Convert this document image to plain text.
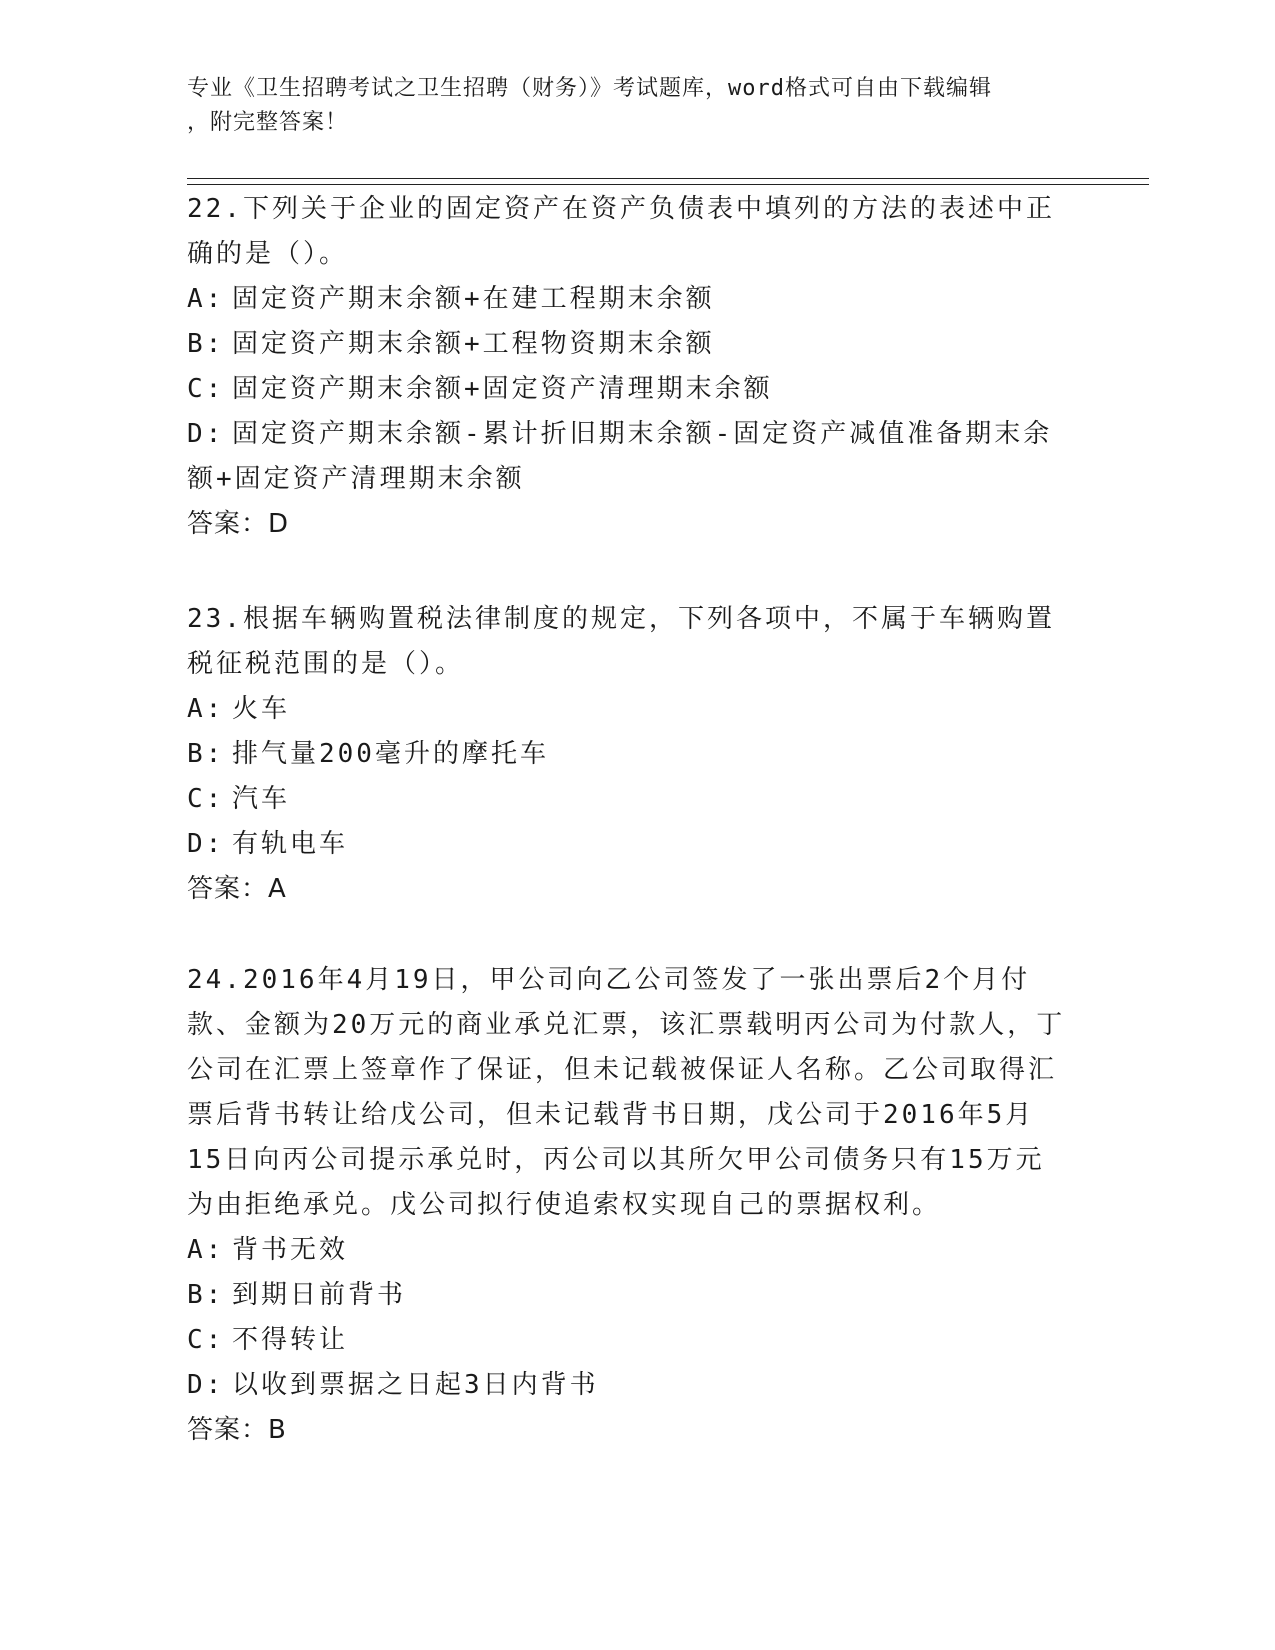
专业《卫生招聘考试之卫生招聘（财务）》考试题库，word格式可自由下载编辑
，附完整答案！

22.下列关于企业的固定资产在资产负债表中填列的方法的表述中正确的是（）。

A: 固定资产期末余额+在建工程期末余额

B: 固定资产期末余额+工程物资期末余额

C: 固定资产期末余额+固定资产清理期末余额

D: 固定资产期末余额-累计折旧期末余额-固定资产减值准备期末余额+固定资产清理期末余额

答案：D

23.根据车辆购置税法律制度的规定，下列各项中，不属于车辆购置税征税范围的是（）。

A: 火车

B: 排气量200毫升的摩托车

C: 汽车

D: 有轨电车

答案：A

24.2016年4月19日，甲公司向乙公司签发了一张出票后2个月付款、金额为20万元的商业承兑汇票，该汇票载明丙公司为付款人，丁公司在汇票上签章作了保证，但未记载被保证人名称。乙公司取得汇票后背书转让给戊公司，但未记载背书日期，戊公司于2016年5月15日向丙公司提示承兑时，丙公司以其所欠甲公司债务只有15万元为由拒绝承兑。戊公司拟行使追索权实现自己的票据权利。

A: 背书无效

B: 到期日前背书

C: 不得转让

D: 以收到票据之日起3日内背书

答案：B
